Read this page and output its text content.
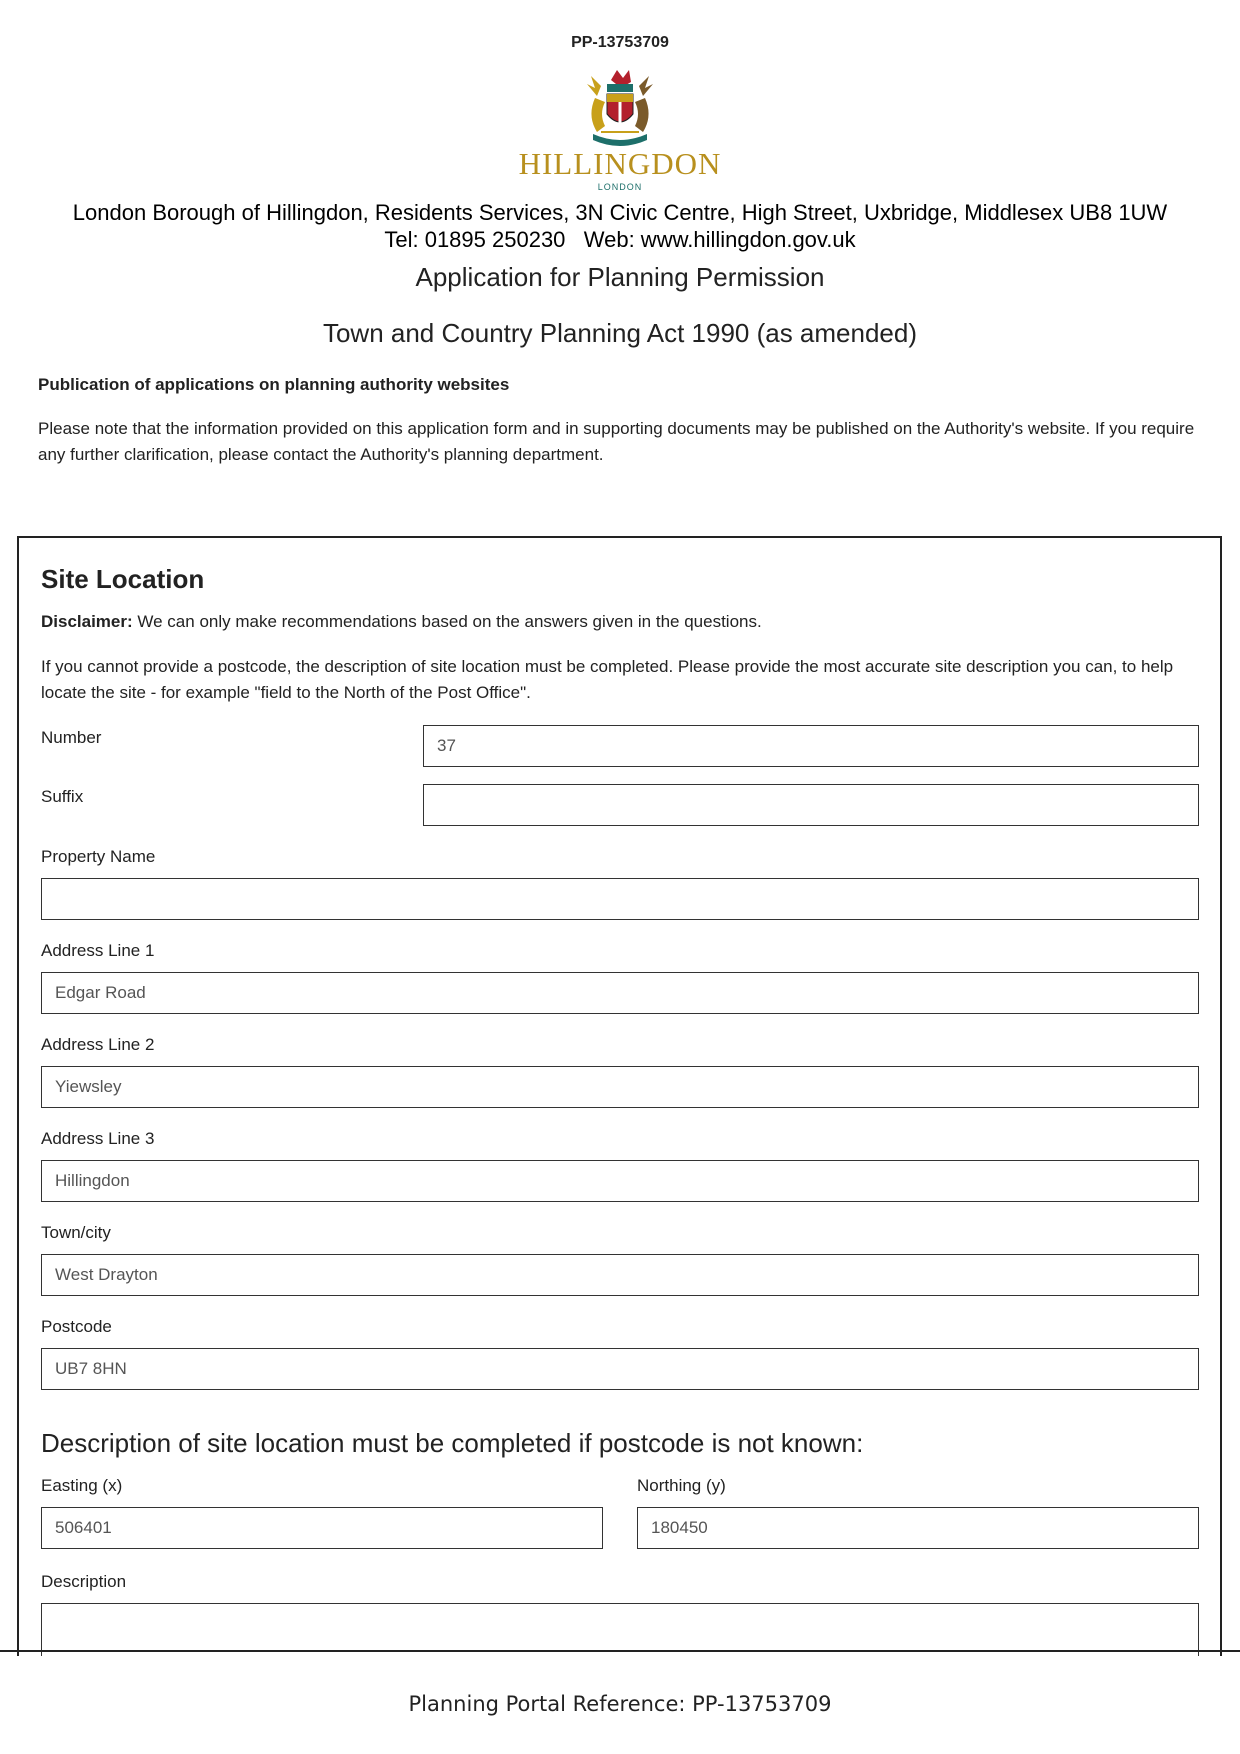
PP-13753709
HILLINGDON
LONDON
London Borough of Hillingdon, Residents Services, 3N Civic Centre, High Street, Uxbridge, Middlesex UB8 1UW
Tel: 01895 250230   Web: www.hillingdon.gov.uk
Application for Planning Permission
Town and Country Planning Act 1990 (as amended)
Publication of applications on planning authority websites
Please note that the information provided on this application form and in supporting documents may be published on the Authority's website. If you require any further clarification, please contact the Authority's planning department.
Site Location
Disclaimer: We can only make recommendations based on the answers given in the questions.
If you cannot provide a postcode, the description of site location must be completed. Please provide the most accurate site description you can, to help locate the site - for example "field to the North of the Post Office".
Number	37
Suffix
Property Name
Address Line 1
Edgar Road
Address Line 2
Yiewsley
Address Line 3
Hillingdon
Town/city
West Drayton
Postcode
UB7 8HN
Description of site location must be completed if postcode is not known:
Easting (x)
506401
Northing (y)
180450
Description
Planning Portal Reference: PP-13753709
